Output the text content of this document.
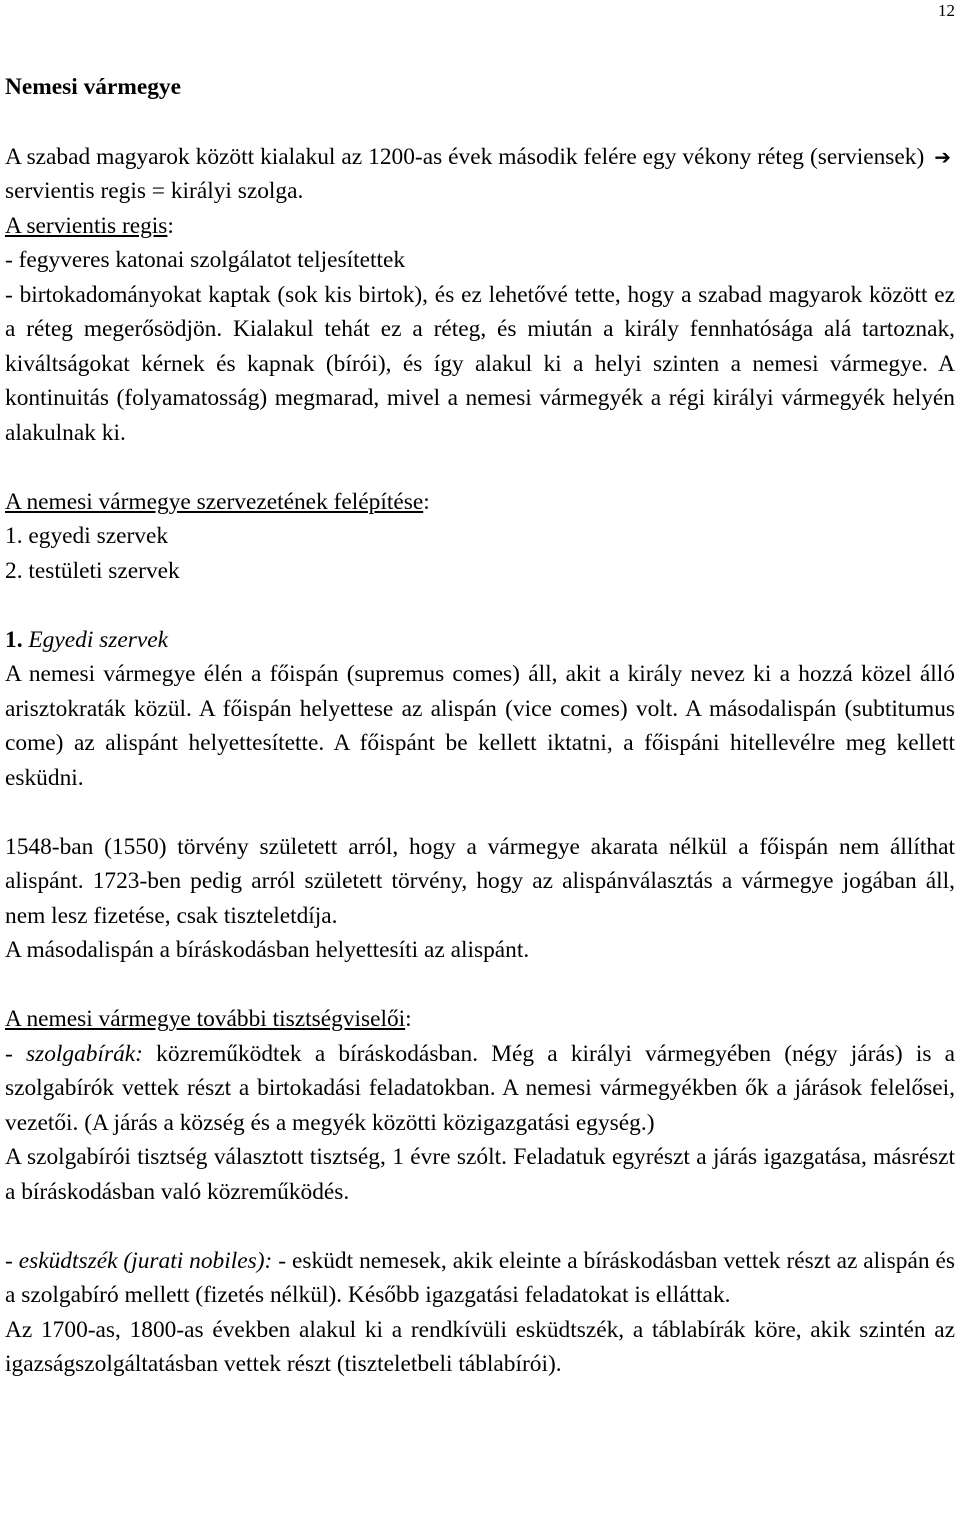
12
Nemesi vármegye

A szabad magyarok között kialakul az 1200-as évek második felére egy vékony réteg (serviensek) ➔servientis regis = királyi szolga.

A servientis regis:

- fegyveres katonai szolgálatot teljesítettek

- birtokadományokat kaptak (sok kis birtok), és ez lehetővé tette, hogy a szabad magyarok között ez a réteg megerősödjön. Kialakul tehát ez a réteg, és miután a király fennhatósága alá tartoznak, kiváltságokat kérnek és kapnak (bírói), és így alakul ki a helyi szinten a nemesi vármegye. A kontinuitás (folyamatosság) megmarad, mivel a nemesi vármegyék a régi királyi vármegyék helyén alakulnak ki.

A nemesi vármegye szervezetének felépítése:

1. egyedi szervek

2. testületi szervek

1. Egyedi szervek

A nemesi vármegye élén a főispán (supremus comes) áll, akit a király nevez ki a hozzá közel álló arisztokraták közül. A főispán helyettese az alispán (vice comes) volt. A másodalispán (subtitumus come) az alispánt helyettesítette. A főispánt be kellett iktatni, a főispáni hitellevélre meg kellett esküdni.

1548-ban (1550) törvény született arról, hogy a vármegye akarata nélkül a főispán nem állíthat alispánt. 1723-ben pedig arról született törvény, hogy az alispánválasztás a vármegye jogában áll, nem lesz fizetése, csak tiszteletdíja.

A másodalispán a bíráskodásban helyettesíti az alispánt.

A nemesi vármegye további tisztségviselői:

- szolgabírák: közreműködtek a bíráskodásban. Még a királyi vármegyében (négy járás) is a szolgabírók vettek részt a birtokadási feladatokban. A nemesi vármegyékben ők a járások felelősei, vezetői. (A járás a község és a megyék közötti közigazgatási egység.)

A szolgabírói tisztség választott tisztség, 1 évre szólt. Feladatuk egyrészt a járás igazgatása, másrészt a bíráskodásban való közreműködés.

- esküdtszék (jurati nobiles): - esküdt nemesek, akik eleinte a bíráskodásban vettek részt az alispán és a szolgabíró mellett (fizetés nélkül). Később igazgatási feladatokat is elláttak.

Az 1700-as, 1800-as években alakul ki a rendkívüli esküdtszék, a táblabírák köre, akik szintén az igazságszolgáltatásban vettek részt (tiszteletbeli táblabírói).
